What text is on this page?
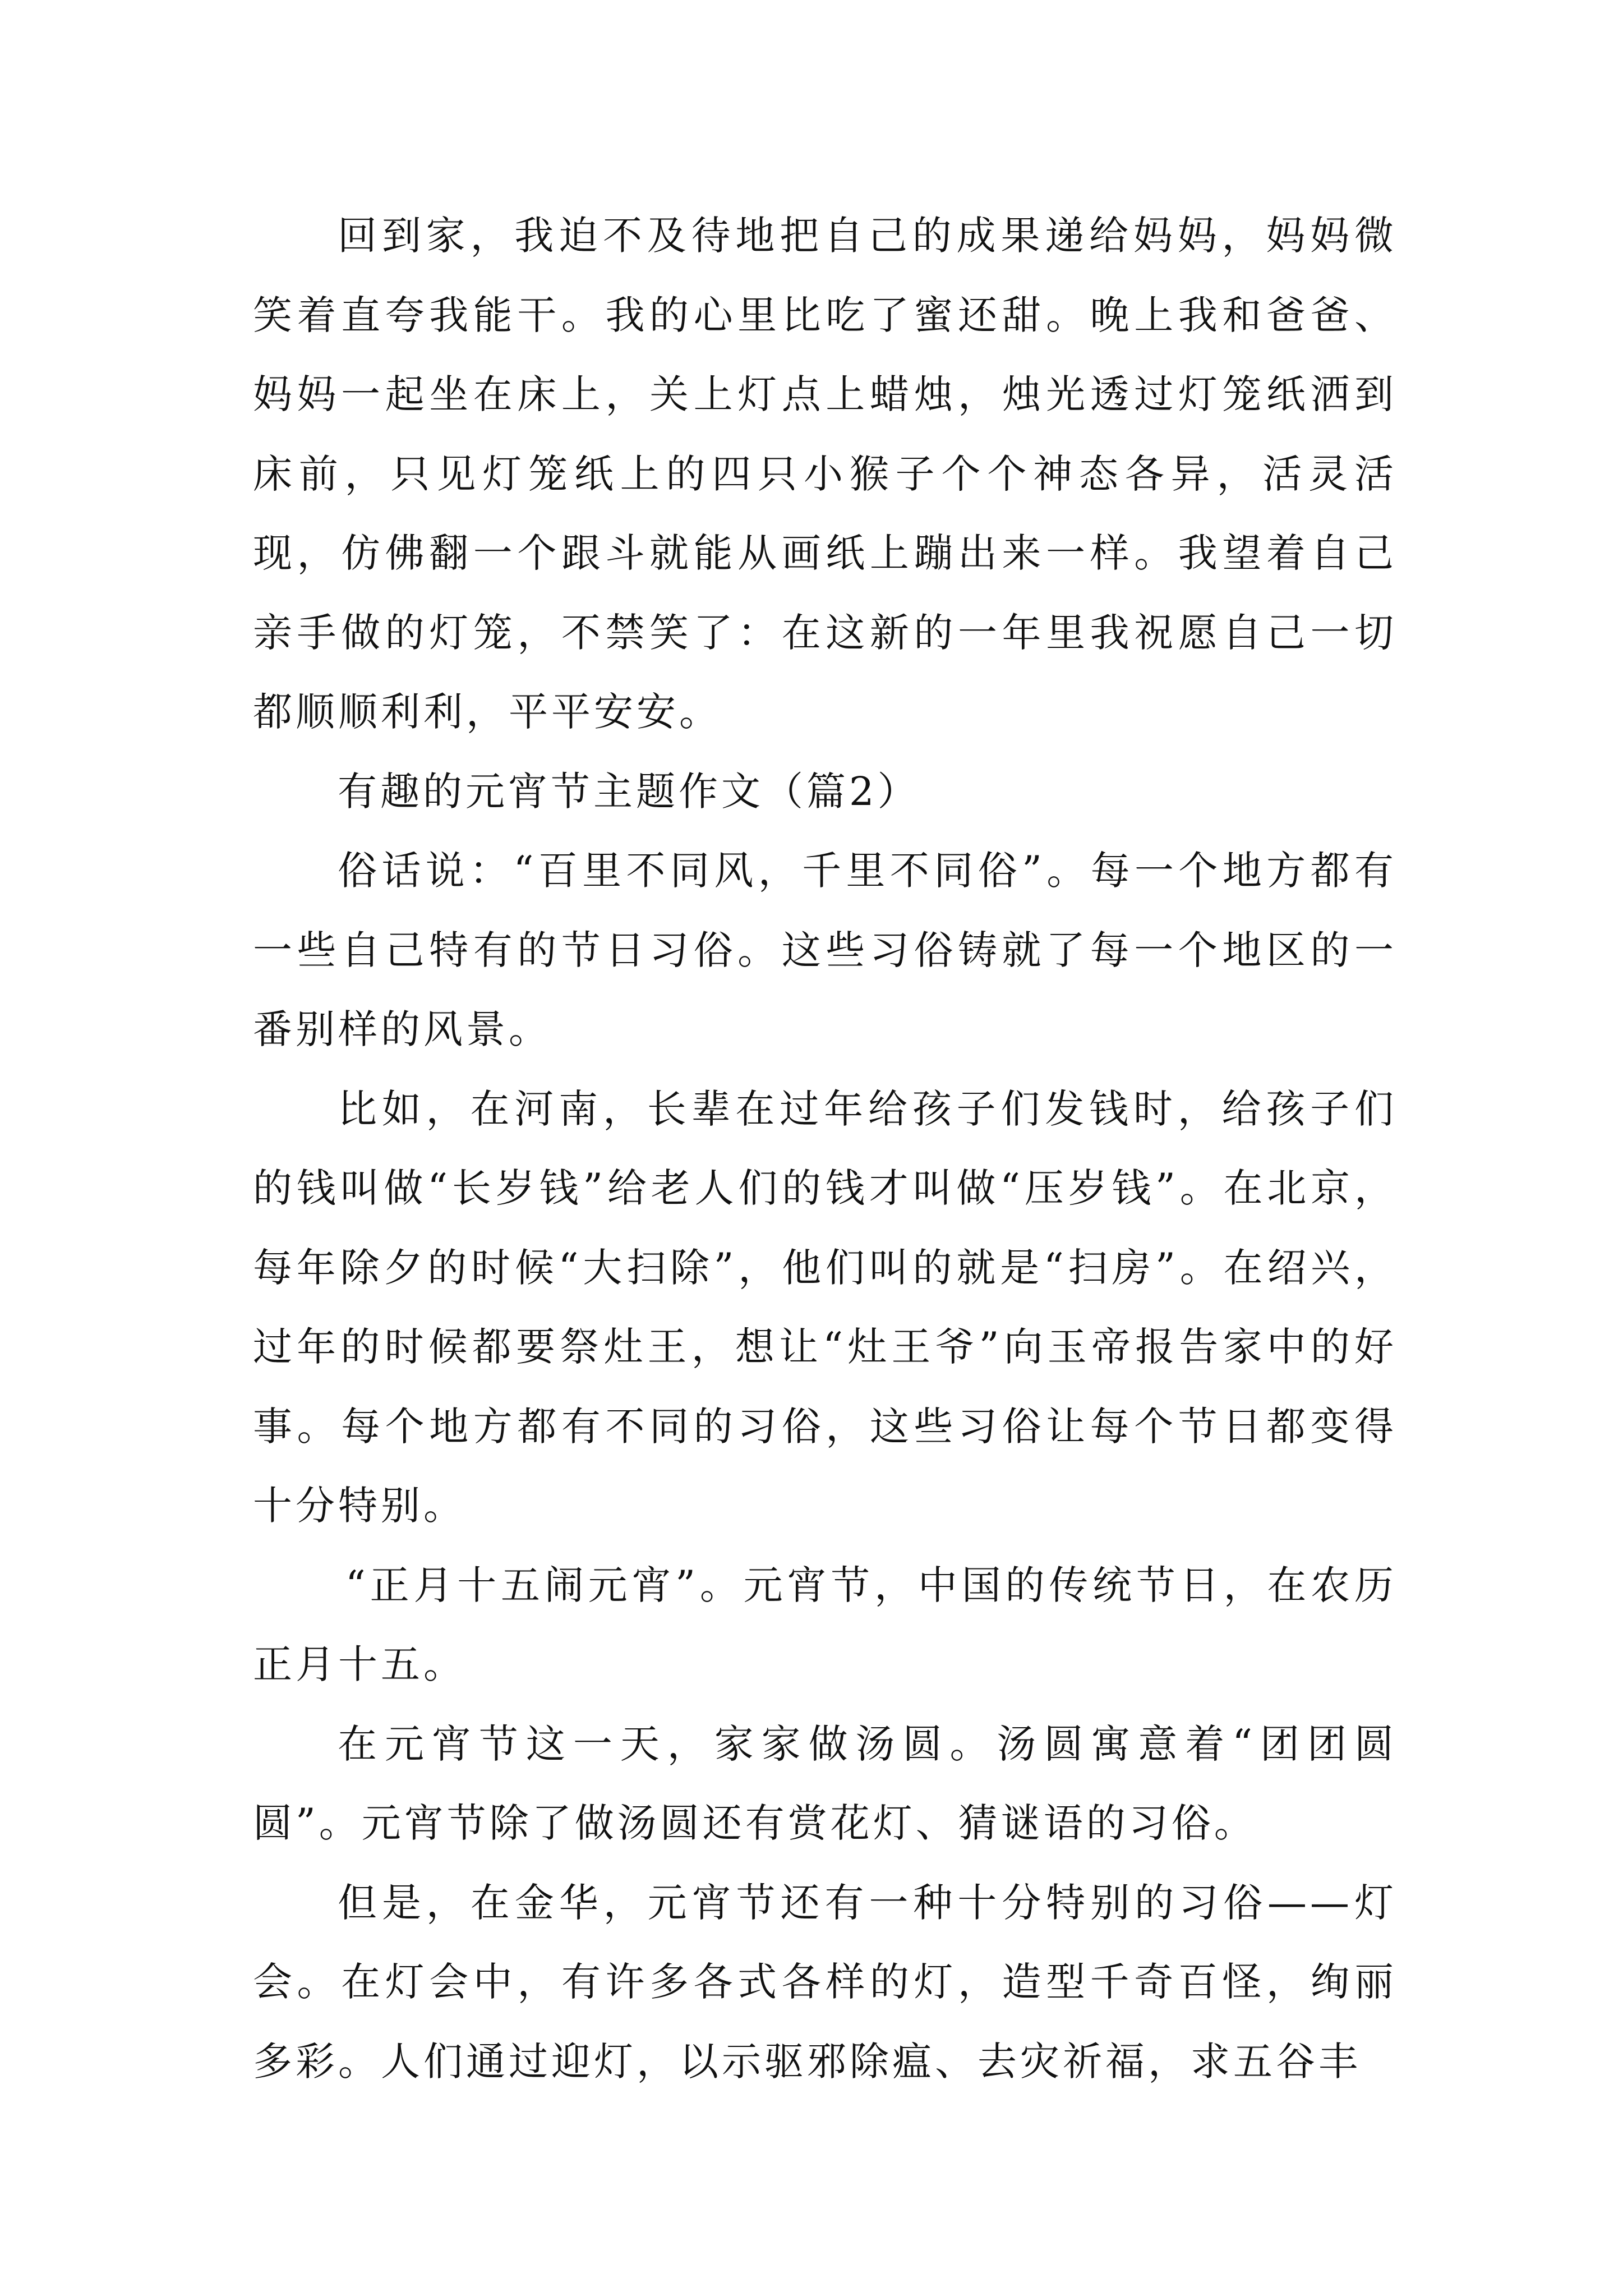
回到家，我迫不及待地把自己的成果递给妈妈，妈妈微笑着直夸我能干。我的心里比吃了蜜还甜。晚上我和爸爸、妈妈一起坐在床上，关上灯点上蜡烛，烛光透过灯笼纸洒到床前，只见灯笼纸上的四只小猴子个个神态各异，活灵活现，仿佛翻一个跟斗就能从画纸上蹦出来一样。我望着自己亲手做的灯笼，不禁笑了：在这新的一年里我祝愿自己一切都顺顺利利，平平安安。

有趣的元宵节主题作文（篇2）

俗话说：“百里不同风，千里不同俗”。每一个地方都有一些自己特有的节日习俗。这些习俗铸就了每一个地区的一番别样的风景。

比如，在河南，长辈在过年给孩子们发钱时，给孩子们的钱叫做“长岁钱”给老人们的钱才叫做“压岁钱”。在北京，每年除夕的时候“大扫除”，他们叫的就是“扫房”。在绍兴，过年的时候都要祭灶王，想让“灶王爷”向玉帝报告家中的好事。每个地方都有不同的习俗，这些习俗让每个节日都变得十分特别。

“正月十五闹元宵”。元宵节，中国的传统节日，在农历正月十五。

在元宵节这一天，家家做汤圆。汤圆寓意着“团团圆圆”。元宵节除了做汤圆还有赏花灯、猜谜语的习俗。

但是，在金华，元宵节还有一种十分特别的习俗——灯会。在灯会中，有许多各式各样的灯，造型千奇百怪，绚丽多彩。人们通过迎灯，以示驱邪除瘟、去灾祈福，求五谷丰
